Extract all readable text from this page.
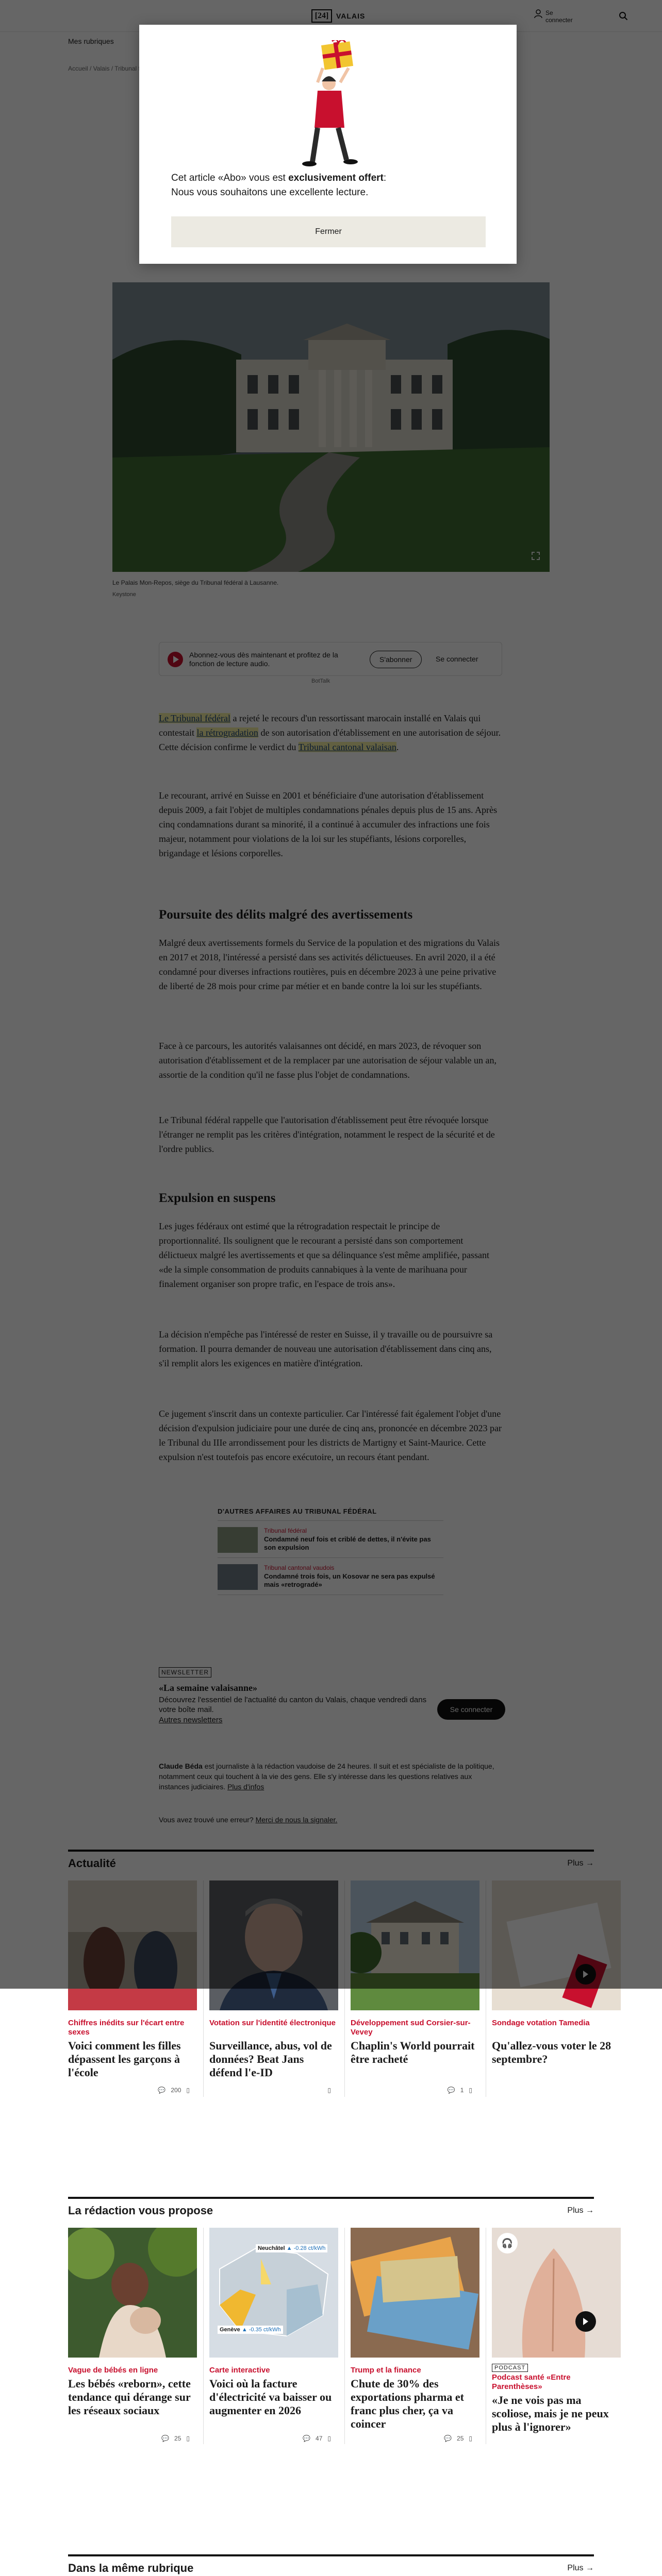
Cet article «Abo» vous est exclusivement offert:
Nous vous souhaitons une excellente lecture.
Fermer
Chiffres inédits sur l'écart entre sexes
Voici comment les filles dépassent les garçons à l'école
💬 200 ▯
Votation sur l'identité électronique
Surveillance, abus, vol de données? Beat Jans défend l'e-ID
▯
Développement sud Corsier-sur-Vevey
Chaplin's World pourrait être racheté
💬 1 ▯
Sondage votation Tamedia
Qu'allez-vous voter le 28 septembre?
La rédaction vous propose	Plus →
Vague de bébés en ligne
Les bébés «reborn», cette tendance qui dérange sur les réseaux sociaux
💬 25 ▯
Neuchâtel ▲ -0.28 ct/kWh
Genève ▲ -0.35 ct/kWh
Carte interactive
Voici où la facture d'électricité va baisser ou augmenter en 2026
💬 47 ▯
Trump et la finance
Chute de 30% des exportations pharma et franc plus cher, ça va coincer
💬 25 ▯
🎧
PODCAST
Podcast santé «Entre Parenthèses»
«Je ne vois pas ma scoliose, mais je ne peux plus à l'ignorer»
Dans la même rubrique	Plus →
